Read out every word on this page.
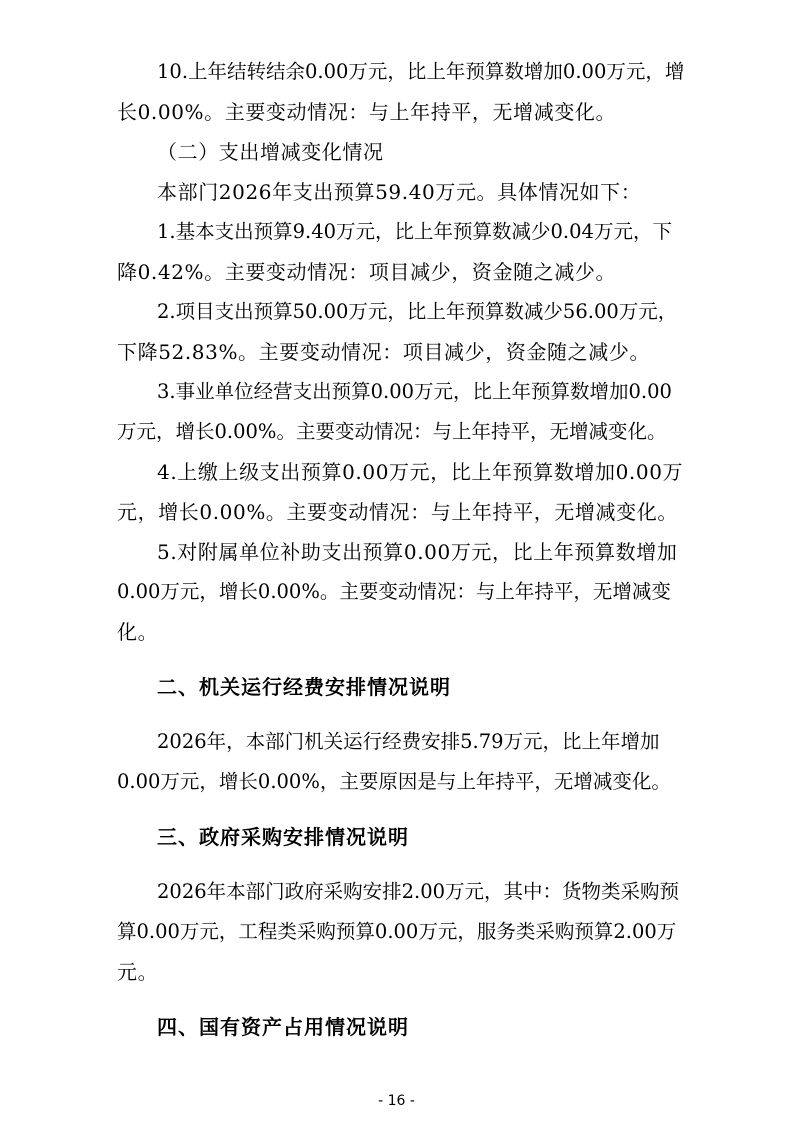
10.上年结转结余0.00万元，比上年预算数增加0.00万元，增
长0.00%。主要变动情况：与上年持平，无增减变化。
（二）支出增减变化情况
本部门2026年支出预算59.40万元。具体情况如下：
1.基本支出预算9.40万元，比上年预算数减少0.04万元，下
降0.42%。主要变动情况：项目减少，资金随之减少。
2.项目支出预算50.00万元，比上年预算数减少56.00万元，
下降52.83%。主要变动情况：项目减少，资金随之减少。
3.事业单位经营支出预算0.00万元，比上年预算数增加0.00
万元，增长0.00%。主要变动情况：与上年持平，无增减变化。
4.上缴上级支出预算0.00万元，比上年预算数增加0.00万
元，增长0.00%。主要变动情况：与上年持平，无增减变化。
5.对附属单位补助支出预算0.00万元，比上年预算数增加
0.00万元，增长0.00%。主要变动情况：与上年持平，无增减变
化。
二、机关运行经费安排情况说明
2026年，本部门机关运行经费安排5.79万元，比上年增加
0.00万元，增长0.00%，主要原因是与上年持平，无增减变化。
三、政府采购安排情况说明
2026年本部门政府采购安排2.00万元，其中：货物类采购预
算0.00万元，工程类采购预算0.00万元，服务类采购预算2.00万
元。
四、国有资产占用情况说明
- 16 -
